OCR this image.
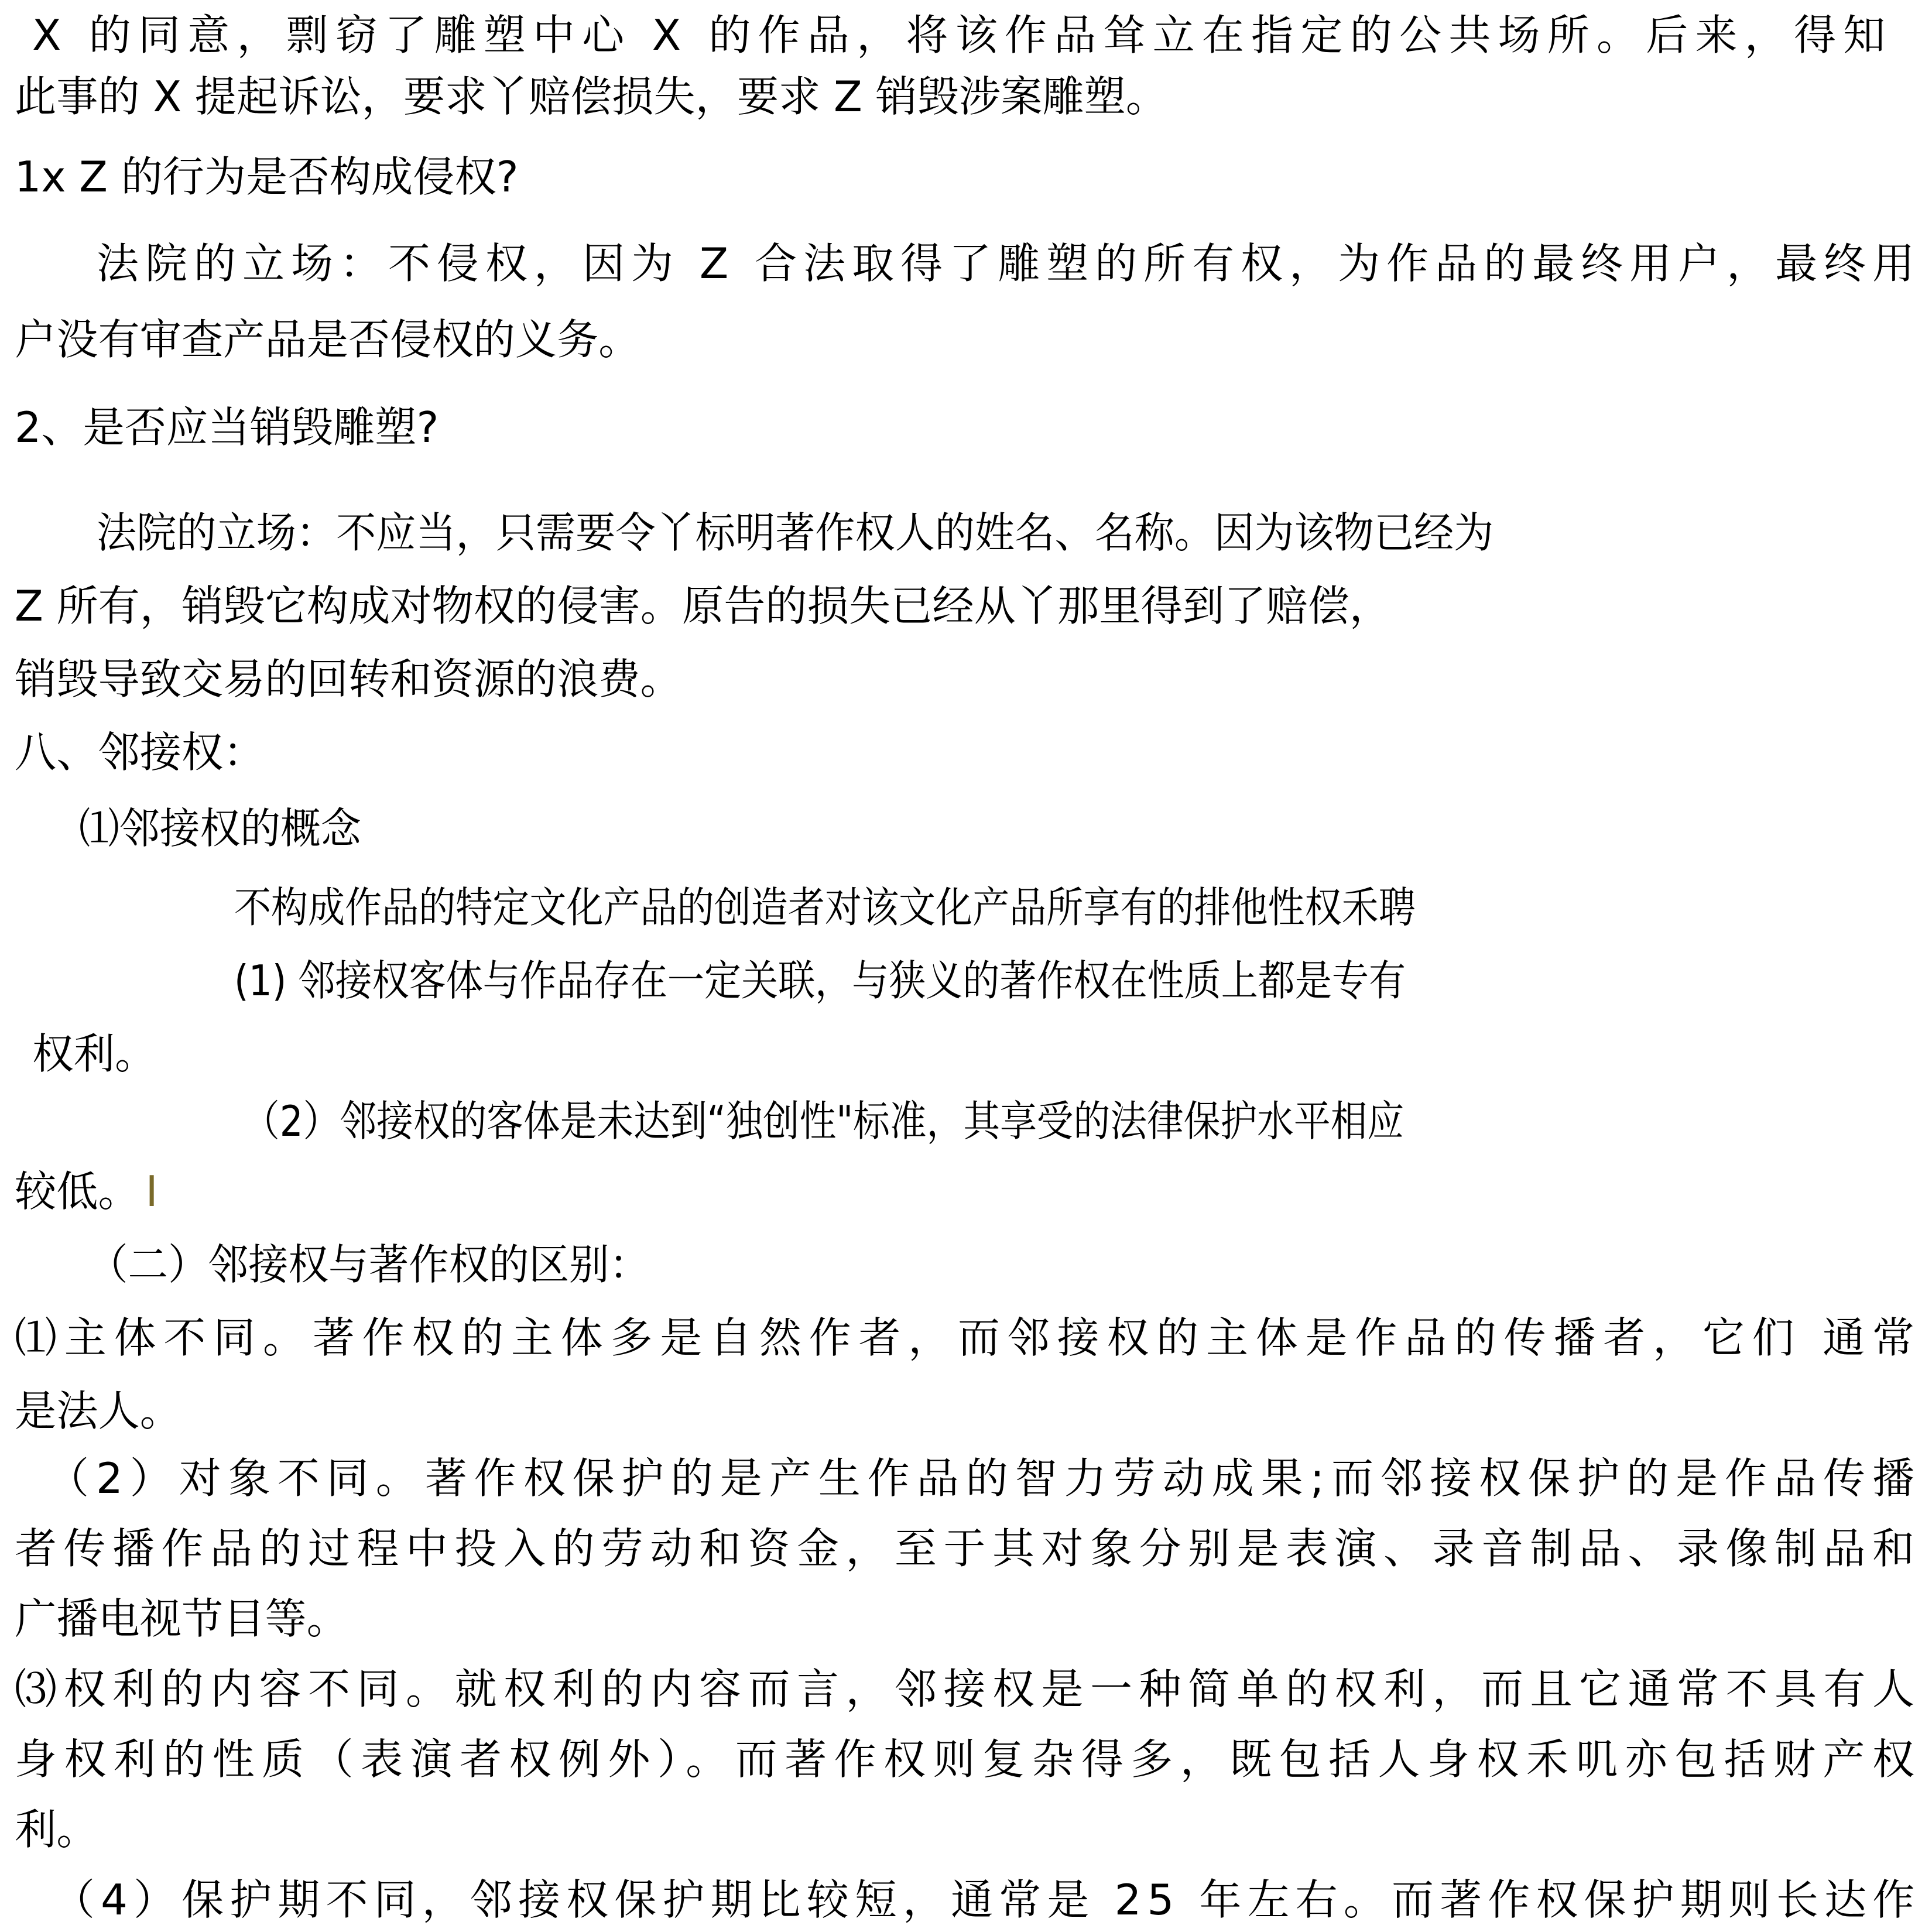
X 的同意，剽窃了雕塑中心 X 的作品，将该作品耸立在指定的公共场所。后来，得知
此事的 X 提起诉讼，要求丫赔偿损失，要求 Z 销毁涉案雕塑。
1x Z 的行为是否构成侵权?
法院的立场：不侵权，因为 Z 合法取得了雕塑的所有权，为作品的最终用户，最终用
户没有审查产品是否侵权的义务。
2、是否应当销毁雕塑?
法院的立场：不应当，只需要令丫标明著作权人的姓名、名称。因为该物已经为
Z 所有，销毁它构成对物权的侵害。原告的损失已经从丫那里得到了赔偿，
销毁导致交易的回转和资源的浪费。
八、邻接权：
⑴邻接权的概念
不构成作品的特定文化产品的创造者对该文化产品所享有的排他性权禾聘
(1) 邻接权客体与作品存在一定关联，与狭义的著作权在性质上都是专有
权利。
（2）邻接权的客体是未达到“独创性"标准，其享受的法律保护水平相应
较低。 I
（二）邻接权与著作权的区别：
⑴主体不同。著作权的主体多是自然作者，而邻接权的主体是作品的传播者，它们 通常
是法人。
（2）对象不同。著作权保护的是产生作品的智力劳动成果;而邻接权保护的是作品传播
者传播作品的过程中投入的劳动和资金，至于其对象分别是表演、录音制品、录像制品和
广播电视节目等。
⑶权利的内容不同。就权利的内容而言，邻接权是一种简单的权利，而且它通常不具有人
身权利的性质（表演者权例外）。而著作权则复杂得多，既包括人身权禾叽亦包括财产权
利。
（4）保护期不同，邻接权保护期比较短，通常是 25 年左右。而著作权保护期则长达作
